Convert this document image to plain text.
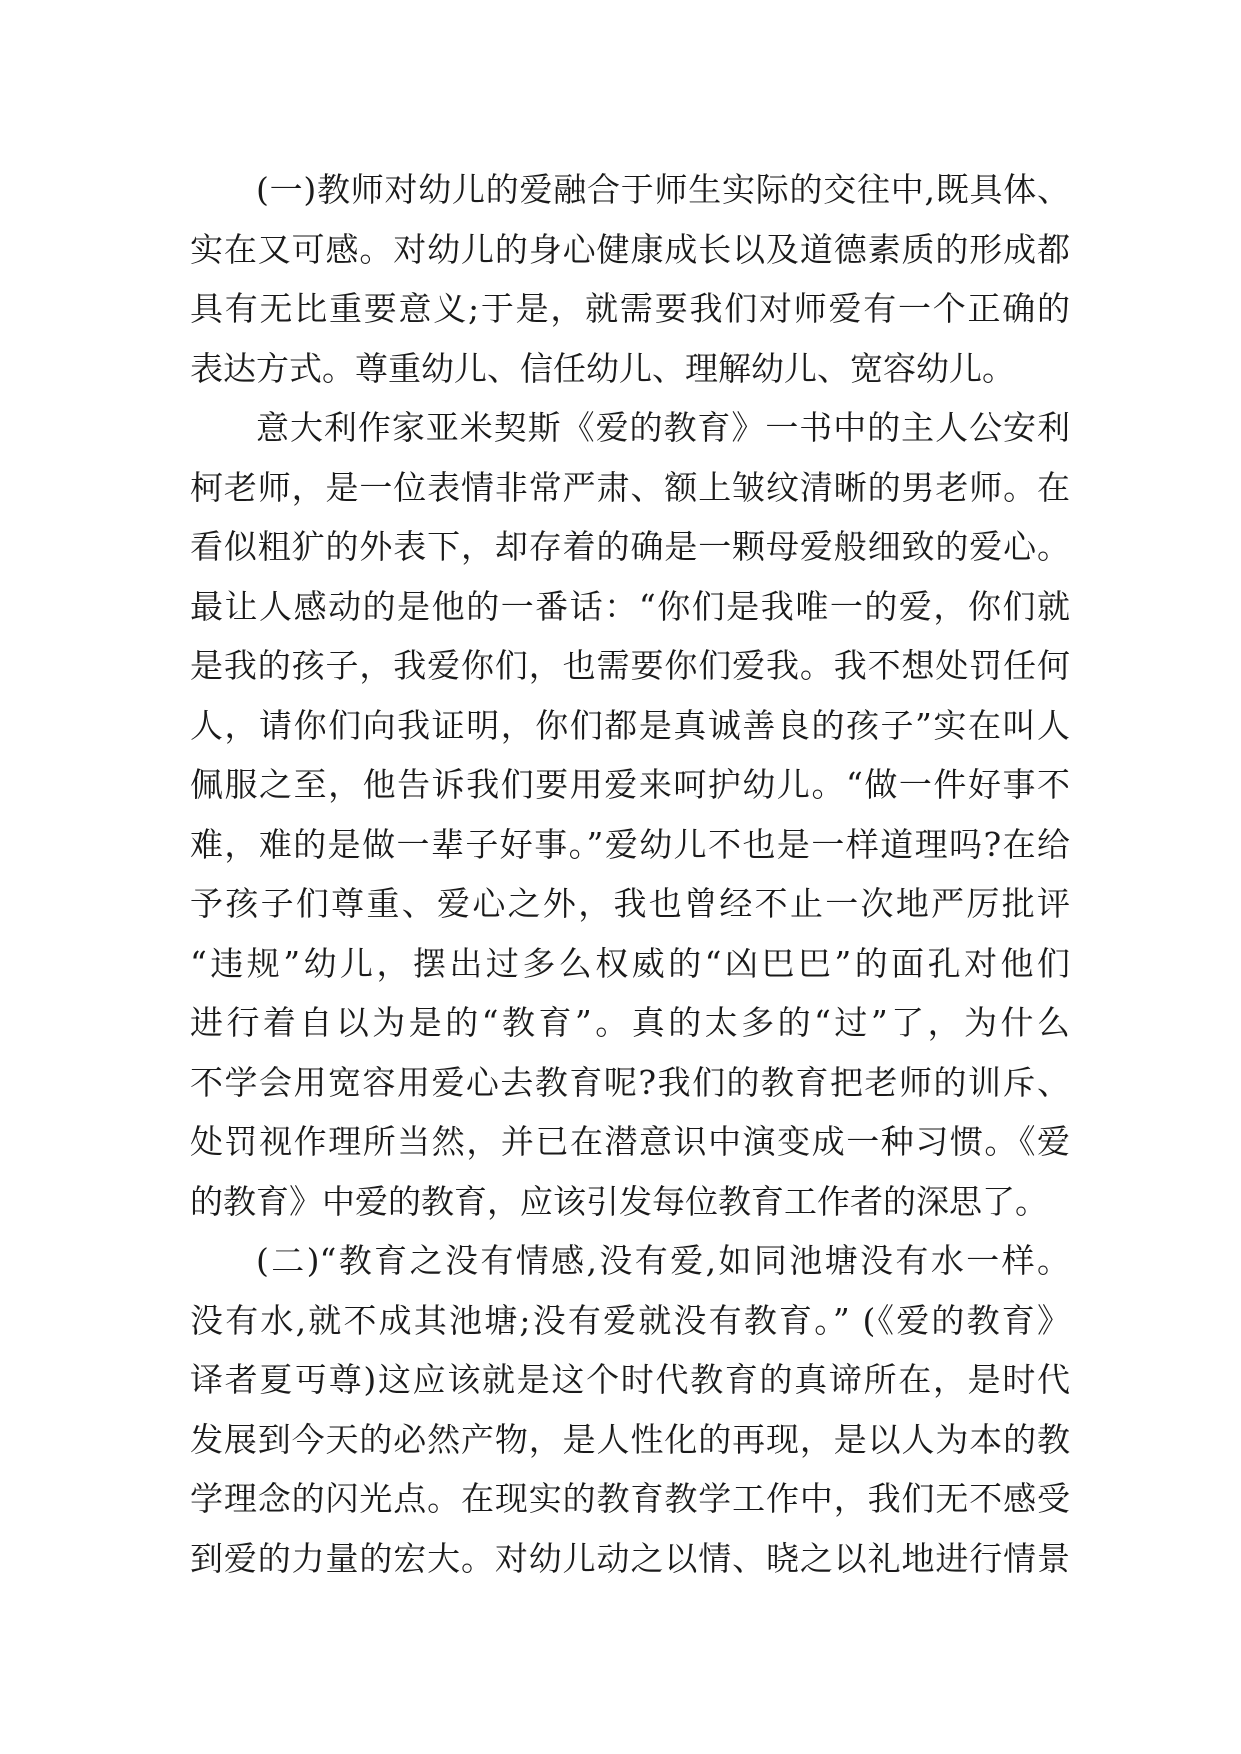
(一)教师对幼儿的爱融合于师生实际的交往中,既具体、
实在又可感。对幼儿的身心健康成长以及道德素质的形成都
具有无比重要意义;于是，就需要我们对师爱有一个正确的
表达方式。尊重幼儿、信任幼儿、理解幼儿、宽容幼儿。
意大利作家亚米契斯《爱的教育》一书中的主人公安利
柯老师，是一位表情非常严肃、额上皱纹清晰的男老师。在
看似粗犷的外表下，却存着的确是一颗母爱般细致的爱心。
最让人感动的是他的一番话：“你们是我唯一的爱，你们就
是我的孩子，我爱你们，也需要你们爱我。我不想处罚任何
人，请你们向我证明，你们都是真诚善良的孩子”实在叫人
佩服之至，他告诉我们要用爱来呵护幼儿。“做一件好事不
难，难的是做一辈子好事。”爱幼儿不也是一样道理吗?在给
予孩子们尊重、爱心之外，我也曾经不止一次地严厉批评
“违规”幼儿，摆出过多么权威的“凶巴巴”的面孔对他们
进行着自以为是的“教育”。真的太多的“过”了，为什么
不学会用宽容用爱心去教育呢?我们的教育把老师的训斥、
处罚视作理所当然，并已在潜意识中演变成一种习惯。《爱
的教育》中爱的教育，应该引发每位教育工作者的深思了。
(二)“教育之没有情感,没有爱,如同池塘没有水一样。
没有水,就不成其池塘;没有爱就没有教育。” (《爱的教育》
译者夏丏尊)这应该就是这个时代教育的真谛所在，是时代
发展到今天的必然产物，是人性化的再现，是以人为本的教
学理念的闪光点。在现实的教育教学工作中，我们无不感受
到爱的力量的宏大。对幼儿动之以情、晓之以礼地进行情景
